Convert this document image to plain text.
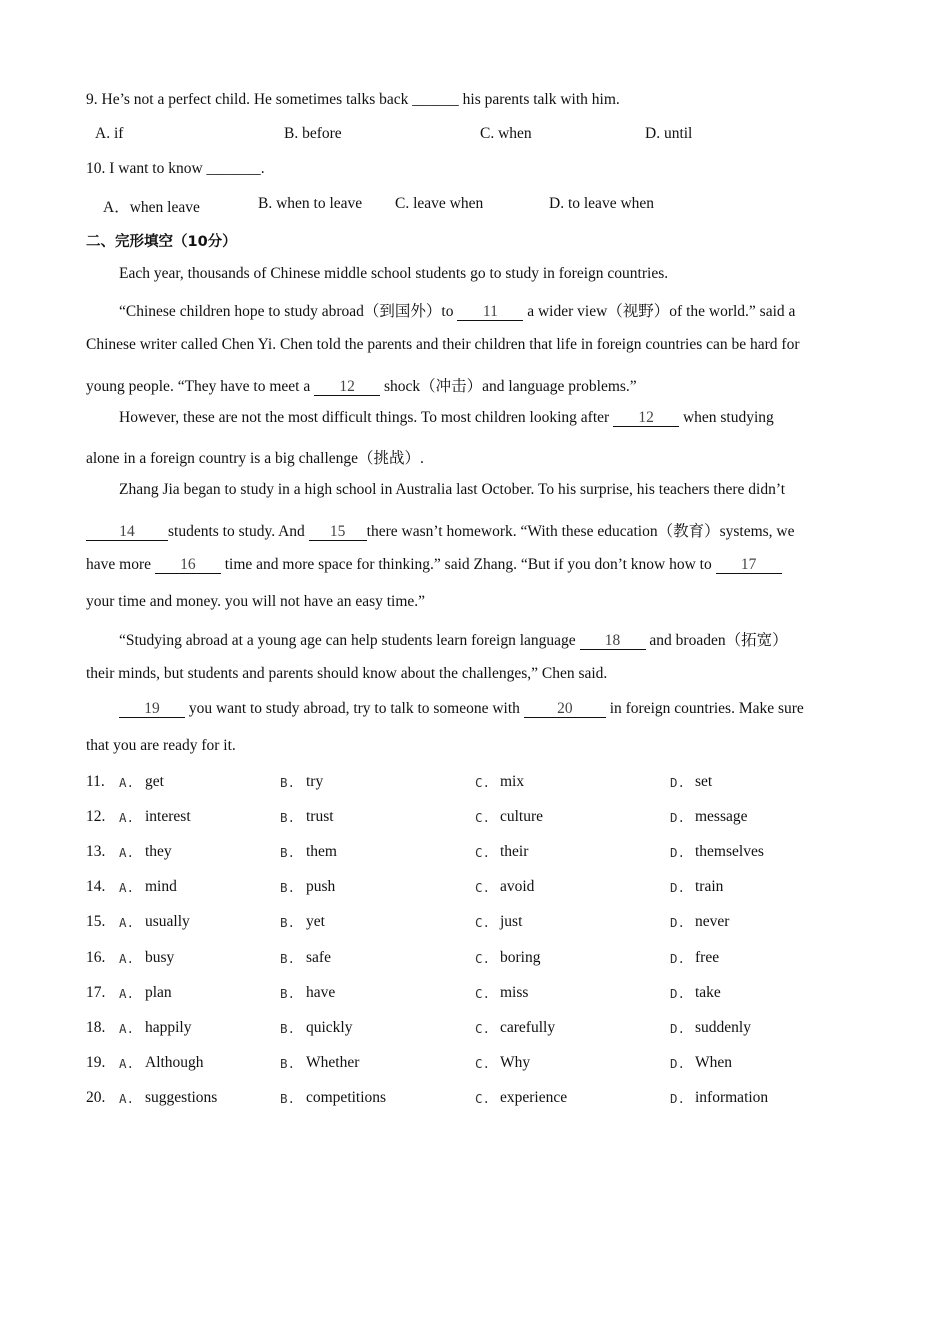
9. He’s not a perfect child. He sometimes talks back ______ his parents talk with him.
A. if	B. before	C. when	D. until
10. I want to know _______.
A．when leave	B. when to leave C. leave when	D. to leave when
二、完形填空（10分）
Each year, thousands of Chinese middle school students go to study in foreign countries.
“Chinese children hope to study abroad（到国外）to 11 a wider view（视野）of the world.” said a
Chinese writer called Chen Yi. Chen told the parents and their children that life in foreign countries can be hard for
young people. “They have to meet a 12 shock（冲击）and language problems.”
However, these are not the most difficult things. To most children looking after 12 when studying
alone in a foreign country is a big challenge（挑战）.
Zhang Jia began to study in a high school in Australia last October. To his surprise, his teachers there didn’t
14 students to study. And 15 there wasn’t homework. “With these education（教育）systems, we
have more 16 time and more space for thinking.” said Zhang. “But if you don’t know how to 17
your time and money. you will not have an easy time.”
“Studying abroad at a young age can help students learn foreign language 18 and broaden（拓宽）
their minds, but students and parents should know about the challenges,” Chen said.
19 you want to study abroad, try to talk to someone with 20 in foreign countries. Make sure
that you are ready for it.
11. A. get	B. try	C. mix	D. set
12. A. interest	B. trust	C. culture	D. message
13. A. they	B. them	C. their	D. themselves
14. A. mind	B. push	C. avoid	D. train
15. A. usually	B. yet	C. just	D. never
16. A. busy	B. safe	C. boring	D. free
17. A. plan	B. have	C. miss	D. take
18. A. happily	B. quickly	C. carefully	D. suddenly
19. A. Although	B. Whether	C. Why	D. When
20. A. suggestions	B. competitions	C. experience	D. information
